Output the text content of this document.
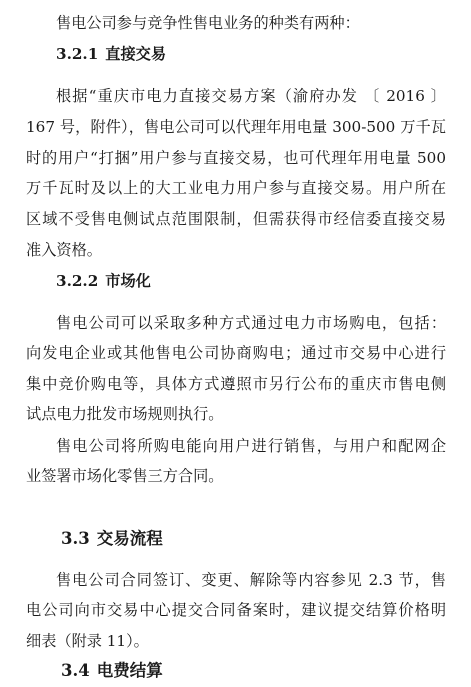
售电公司参与竞争性售电业务的种类有两种：
3.2.1 直接交易
根据“重庆市电力直接交易方案（渝府办发 〔 2016 〕
167 号，附件），售电公司可以代理年用电量 300-500 万千瓦
时的用户“打捆”用户参与直接交易，也可代理年用电量 500
万千瓦时及以上的大工业电力用户参与直接交易。用户所在
区域不受售电侧试点范围限制，但需获得市经信委直接交易
准入资格。
3.2.2 市场化
售电公司可以采取多种方式通过电力市场购电，包括：
向发电企业或其他售电公司协商购电；通过市交易中心进行
集中竞价购电等，具体方式遵照市另行公布的重庆市售电侧
试点电力批发市场规则执行。
售电公司将所购电能向用户进行销售，与用户和配网企
业签署市场化零售三方合同。
3.3 交易流程
售电公司合同签订、变更、解除等内容参见 2.3 节，售
电公司向市交易中心提交合同备案时，建议提交结算价格明
细表（附录 11）。
3.4 电费结算
